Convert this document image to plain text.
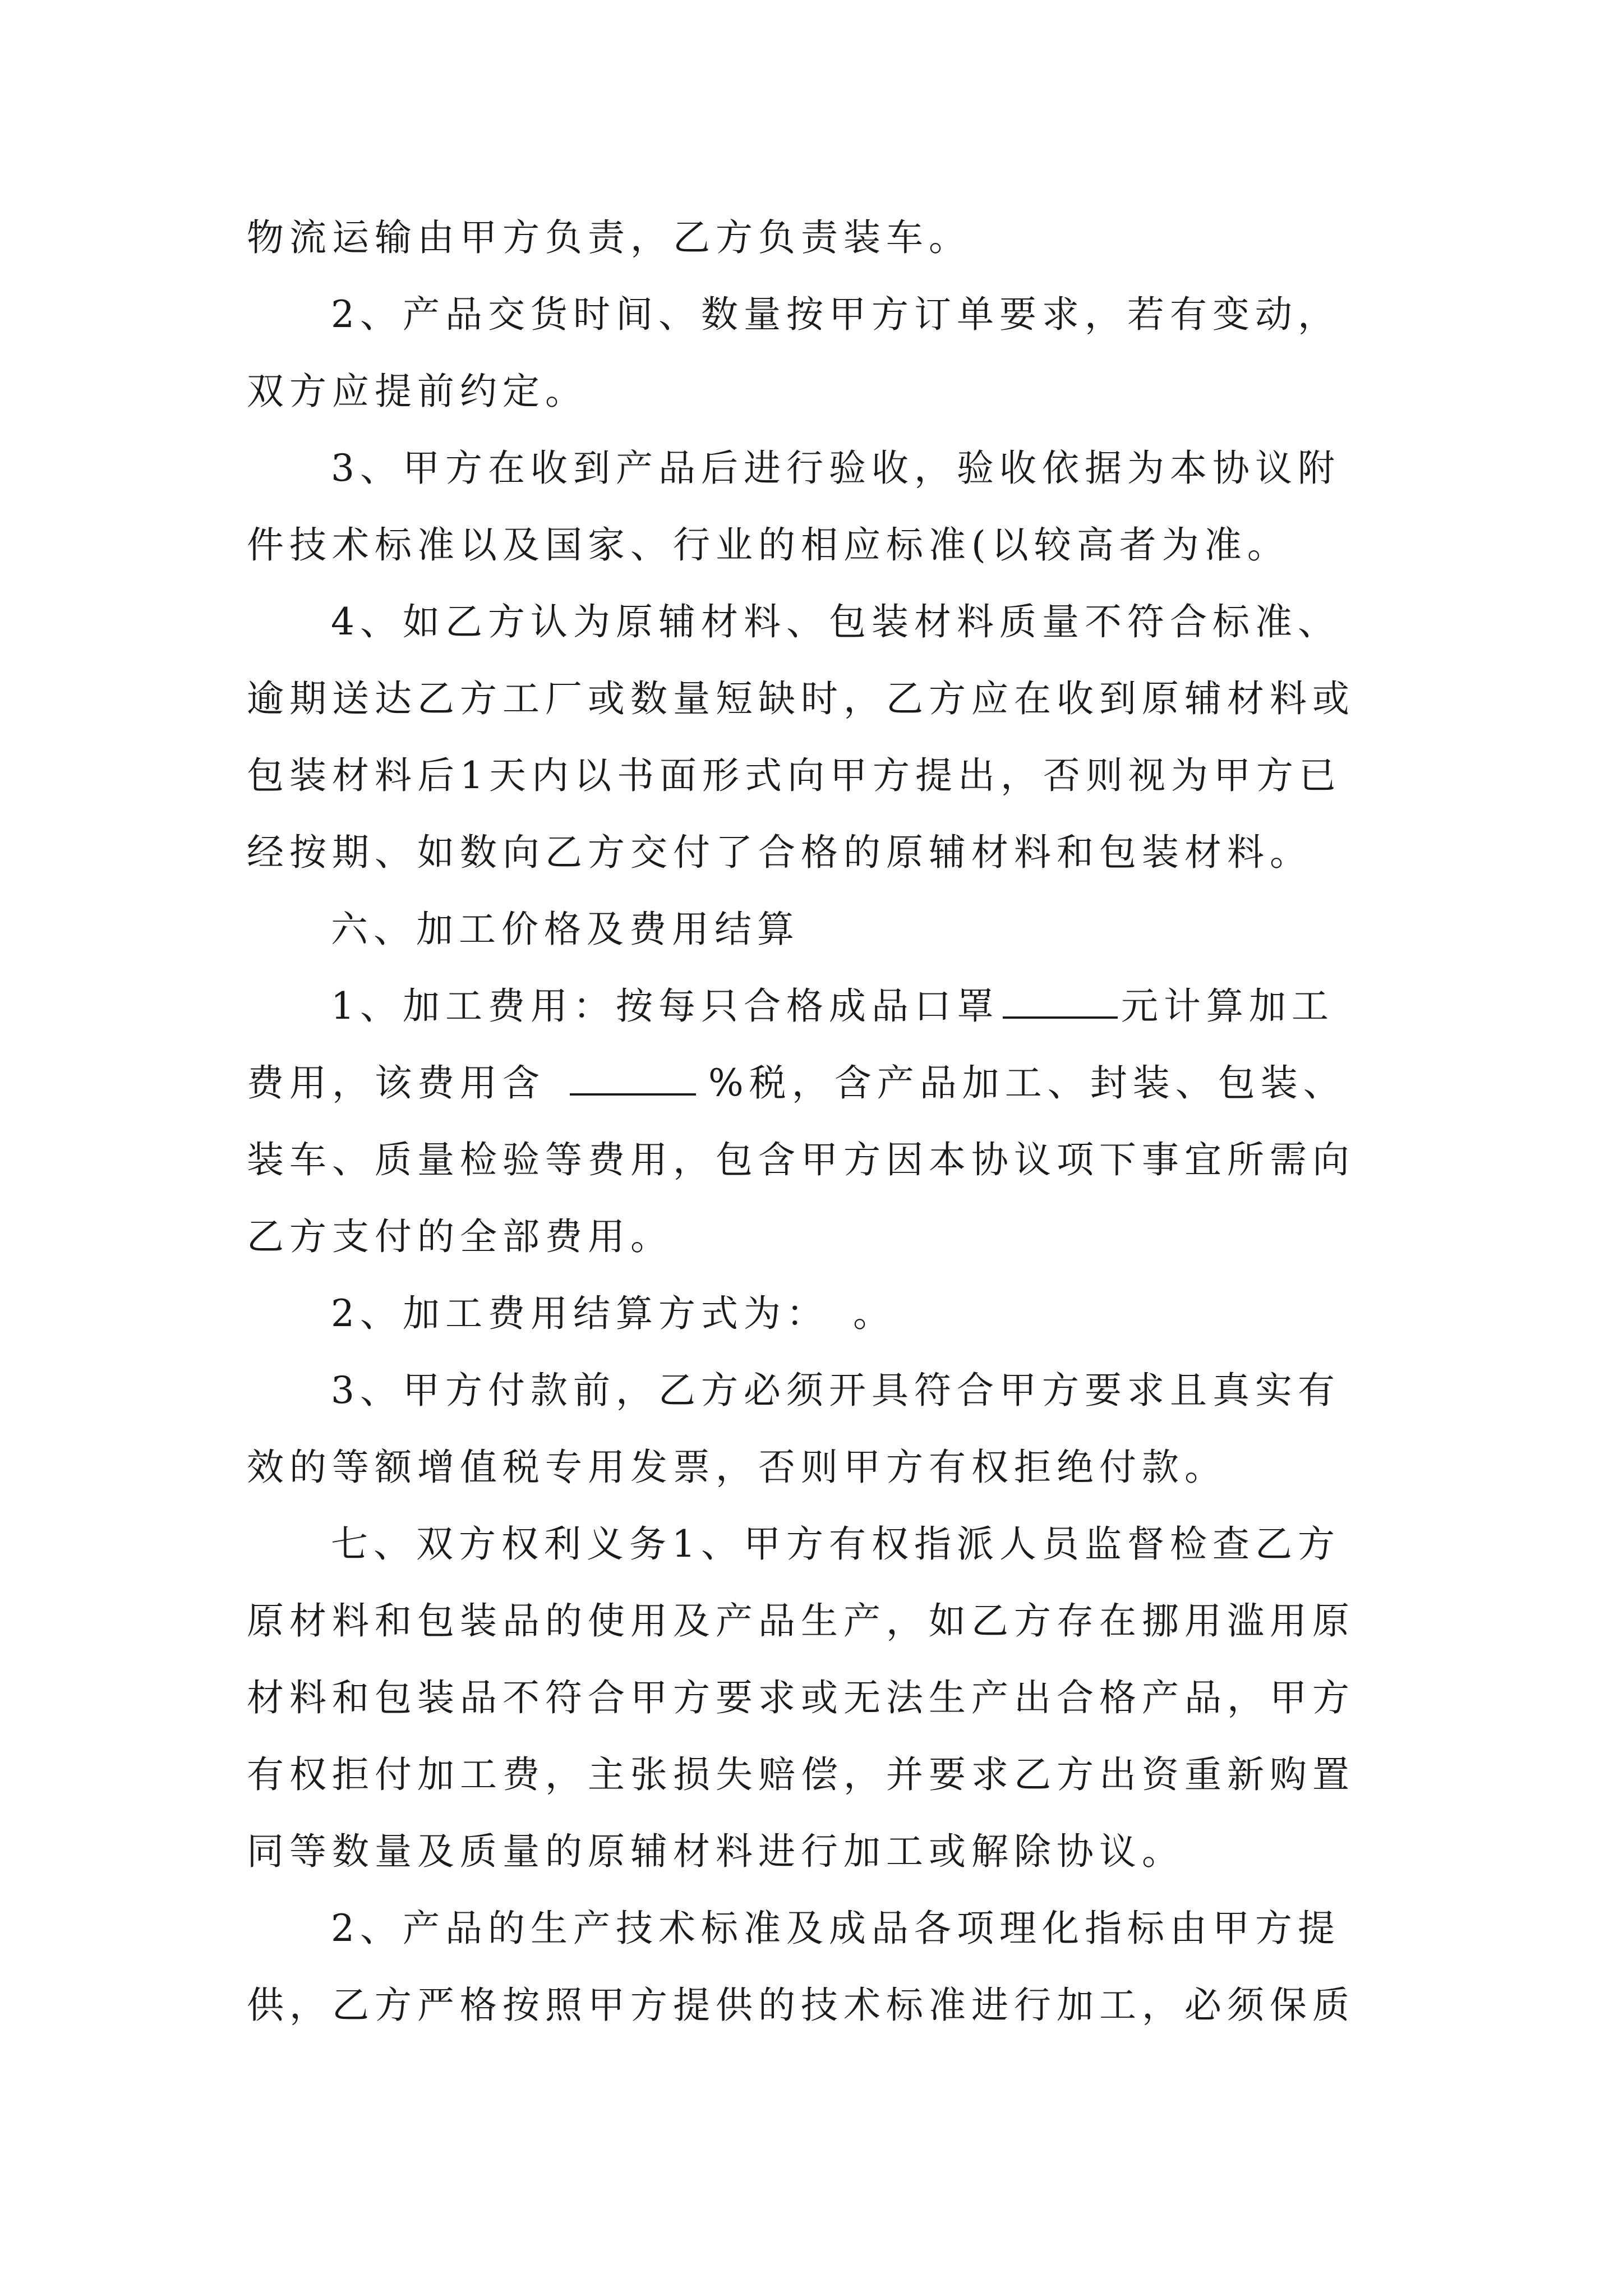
物流运输由甲方负责，乙方负责装车。
2、产品交货时间、数量按甲方订单要求，若有变动，
双方应提前约定。
3、甲方在收到产品后进行验收，验收依据为本协议附
件技术标准以及国家、行业的相应标准(以较高者为准。
4、如乙方认为原辅材料、包装材料质量不符合标准、
逾期送达乙方工厂或数量短缺时，乙方应在收到原辅材料或
包装材料后1天内以书面形式向甲方提出，否则视为甲方已
经按期、如数向乙方交付了合格的原辅材料和包装材料。
六、加工价格及费用结算
1、加工费用：按每只合格成品口罩	元计算加工
费用，该费用含	%税，含产品加工、封装、包装、
装车、质量检验等费用，包含甲方因本协议项下事宜所需向
乙方支付的全部费用。
2、加工费用结算方式为：　。
3、甲方付款前，乙方必须开具符合甲方要求且真实有
效的等额增值税专用发票，否则甲方有权拒绝付款。
七、双方权利义务1、甲方有权指派人员监督检查乙方
原材料和包装品的使用及产品生产，如乙方存在挪用滥用原
材料和包装品不符合甲方要求或无法生产出合格产品，甲方
有权拒付加工费，主张损失赔偿，并要求乙方出资重新购置
同等数量及质量的原辅材料进行加工或解除协议。
2、产品的生产技术标准及成品各项理化指标由甲方提
供，乙方严格按照甲方提供的技术标准进行加工，必须保质
